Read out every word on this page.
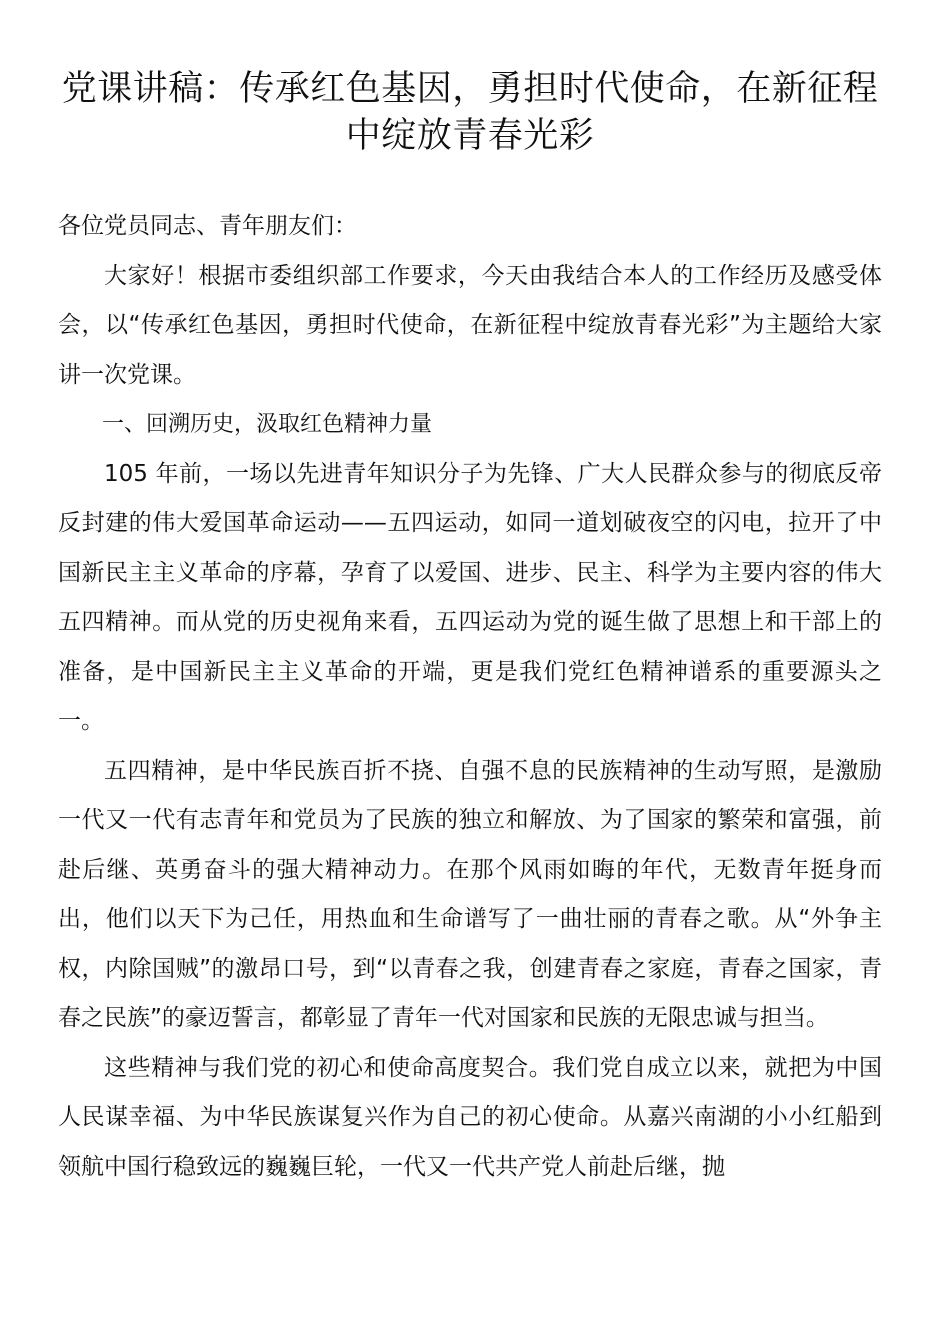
党课讲稿：传承红色基因，勇担时代使命，在新征程
中绽放青春光彩

各位党员同志、青年朋友们：

大家好！根据市委组织部工作要求，今天由我结合本人的工作经历及感受体会，以“传承红色基因，勇担时代使命，在新征程中绽放青春光彩”为主题给大家讲一次党课。

一、回溯历史，汲取红色精神力量

105 年前，一场以先进青年知识分子为先锋、广大人民群众参与的彻底反帝反封建的伟大爱国革命运动——五四运动，如同一道划破夜空的闪电，拉开了中国新民主主义革命的序幕，孕育了以爱国、进步、民主、科学为主要内容的伟大五四精神。而从党的历史视角来看，五四运动为党的诞生做了思想上和干部上的准备，是中国新民主主义革命的开端，更是我们党红色精神谱系的重要源头之一。

五四精神，是中华民族百折不挠、自强不息的民族精神的生动写照，是激励一代又一代有志青年和党员为了民族的独立和解放、为了国家的繁荣和富强，前赴后继、英勇奋斗的强大精神动力。在那个风雨如晦的年代，无数青年挺身而出，他们以天下为己任，用热血和生命谱写了一曲壮丽的青春之歌。从“外争主权，内除国贼”的激昂口号，到“以青春之我，创建青春之家庭，青春之国家，青春之民族”的豪迈誓言，都彰显了青年一代对国家和民族的无限忠诚与担当。

这些精神与我们党的初心和使命高度契合。我们党自成立以来，就把为中国人民谋幸福、为中华民族谋复兴作为自己的初心使命。从嘉兴南湖的小小红船到领航中国行稳致远的巍巍巨轮，一代又一代共产党人前赴后继，抛
